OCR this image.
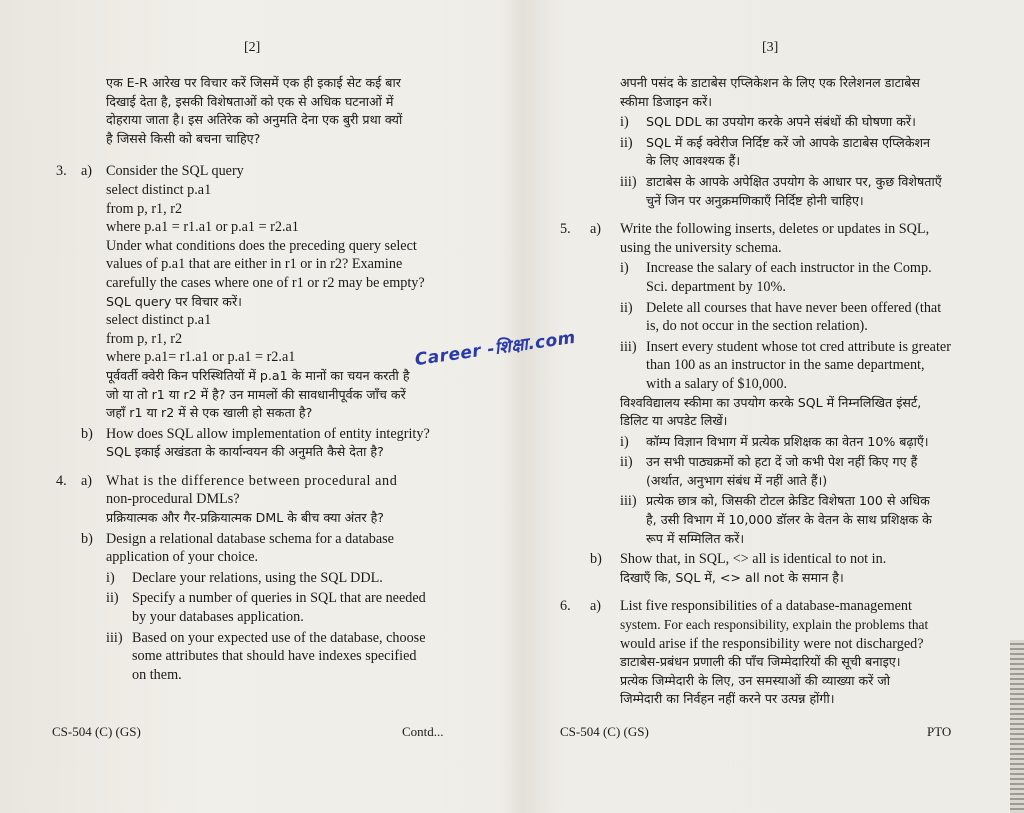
[2]
एक E-R आरेख पर विचार करें जिसमें एक ही इकाई सेट कई बार
दिखाई देता है, इसकी विशेषताओं को एक से अधिक घटनाओं में
दोहराया जाता है। इस अतिरेक को अनुमति देना एक बुरी प्रथा क्यों
है जिससे किसी को बचना चाहिए?
3. a) Consider the SQL query
select distinct p.a1
from p, r1, r2
where p.a1 = r1.a1 or p.a1 = r2.a1
Under what conditions does the preceding query select
values of p.a1 that are either in r1 or in r2? Examine
carefully the cases where one of r1 or r2 may be empty?
SQL query पर विचार करें।
select distinct p.a1
from p, r1, r2
where p.a1= r1.a1 or p.a1 = r2.a1
पूर्ववर्ती क्वेरी किन परिस्थितियों में p.a1 के मानों का चयन करती है
जो या तो r1 या r2 में है? उन मामलों की सावधानीपूर्वक जाँच करें
जहाँ r1 या r2 में से एक खाली हो सकता है?
b) How does SQL allow implementation of entity integrity?
SQL इकाई अखंडता के कार्यान्वयन की अनुमति कैसे देता है?
4. a) What is the difference between procedural and
non-procedural DMLs?
प्रक्रियात्मक और गैर-प्रक्रियात्मक DML के बीच क्या अंतर है?
b) Design a relational database schema for a database
application of your choice.
i) Declare your relations, using the SQL DDL.
ii) Specify a number of queries in SQL that are needed
by your databases application.
iii) Based on your expected use of the database, choose
some attributes that should have indexes specified
on them.
CS-504 (C) (GS)	Contd...
Career -शिक्षा.com
[3]
अपनी पसंद के डाटाबेस एप्लिकेशन के लिए एक रिलेशनल डाटाबेस
स्कीमा डिजाइन करें।
i) SQL DDL का उपयोग करके अपने संबंधों की घोषणा करें।
ii) SQL में कई क्वेरीज निर्दिष्ट करें जो आपके डाटाबेस एप्लिकेशन
के लिए आवश्यक हैं।
iii) डाटाबेस के आपके अपेक्षित उपयोग के आधार पर, कुछ विशेषताएँ
चुनें जिन पर अनुक्रमणिकाएँ निर्दिष्ट होनी चाहिए।
5. a) Write the following inserts, deletes or updates in SQL,
using the university schema.
i) Increase the salary of each instructor in the Comp.
Sci. department by 10%.
ii) Delete all courses that have never been offered (that
is, do not occur in the section relation).
iii) Insert every student whose tot cred attribute is greater
than 100 as an instructor in the same department,
with a salary of $10,000.
विश्वविद्यालय स्कीमा का उपयोग करके SQL में निम्नलिखित इंसर्ट,
डिलिट या अपडेट लिखें।
i) कॉम्प विज्ञान विभाग में प्रत्येक प्रशिक्षक का वेतन 10% बढ़ाएँ।
ii) उन सभी पाठ्यक्रमों को हटा दें जो कभी पेश नहीं किए गए हैं
(अर्थात, अनुभाग संबंध में नहीं आते हैं।)
iii) प्रत्येक छात्र को, जिसकी टोटल क्रेडिट विशेषता 100 से अधिक
है, उसी विभाग में 10,000 डॉलर के वेतन के साथ प्रशिक्षक के
रूप में सम्मिलित करें।
b) Show that, in SQL, <> all is identical to not in.
दिखाएँ कि, SQL में, <> all not के समान है।
6. a) List five responsibilities of a database-management
system. For each responsibility, explain the problems that
would arise if the responsibility were not discharged?
डाटाबेस-प्रबंधन प्रणाली की पाँच जिम्मेदारियों की सूची बनाइए।
प्रत्येक जिम्मेदारी के लिए, उन समस्याओं की व्याख्या करें जो
जिम्मेदारी का निर्वहन नहीं करने पर उत्पन्न होंगी।
CS-504 (C) (GS)	PTO
